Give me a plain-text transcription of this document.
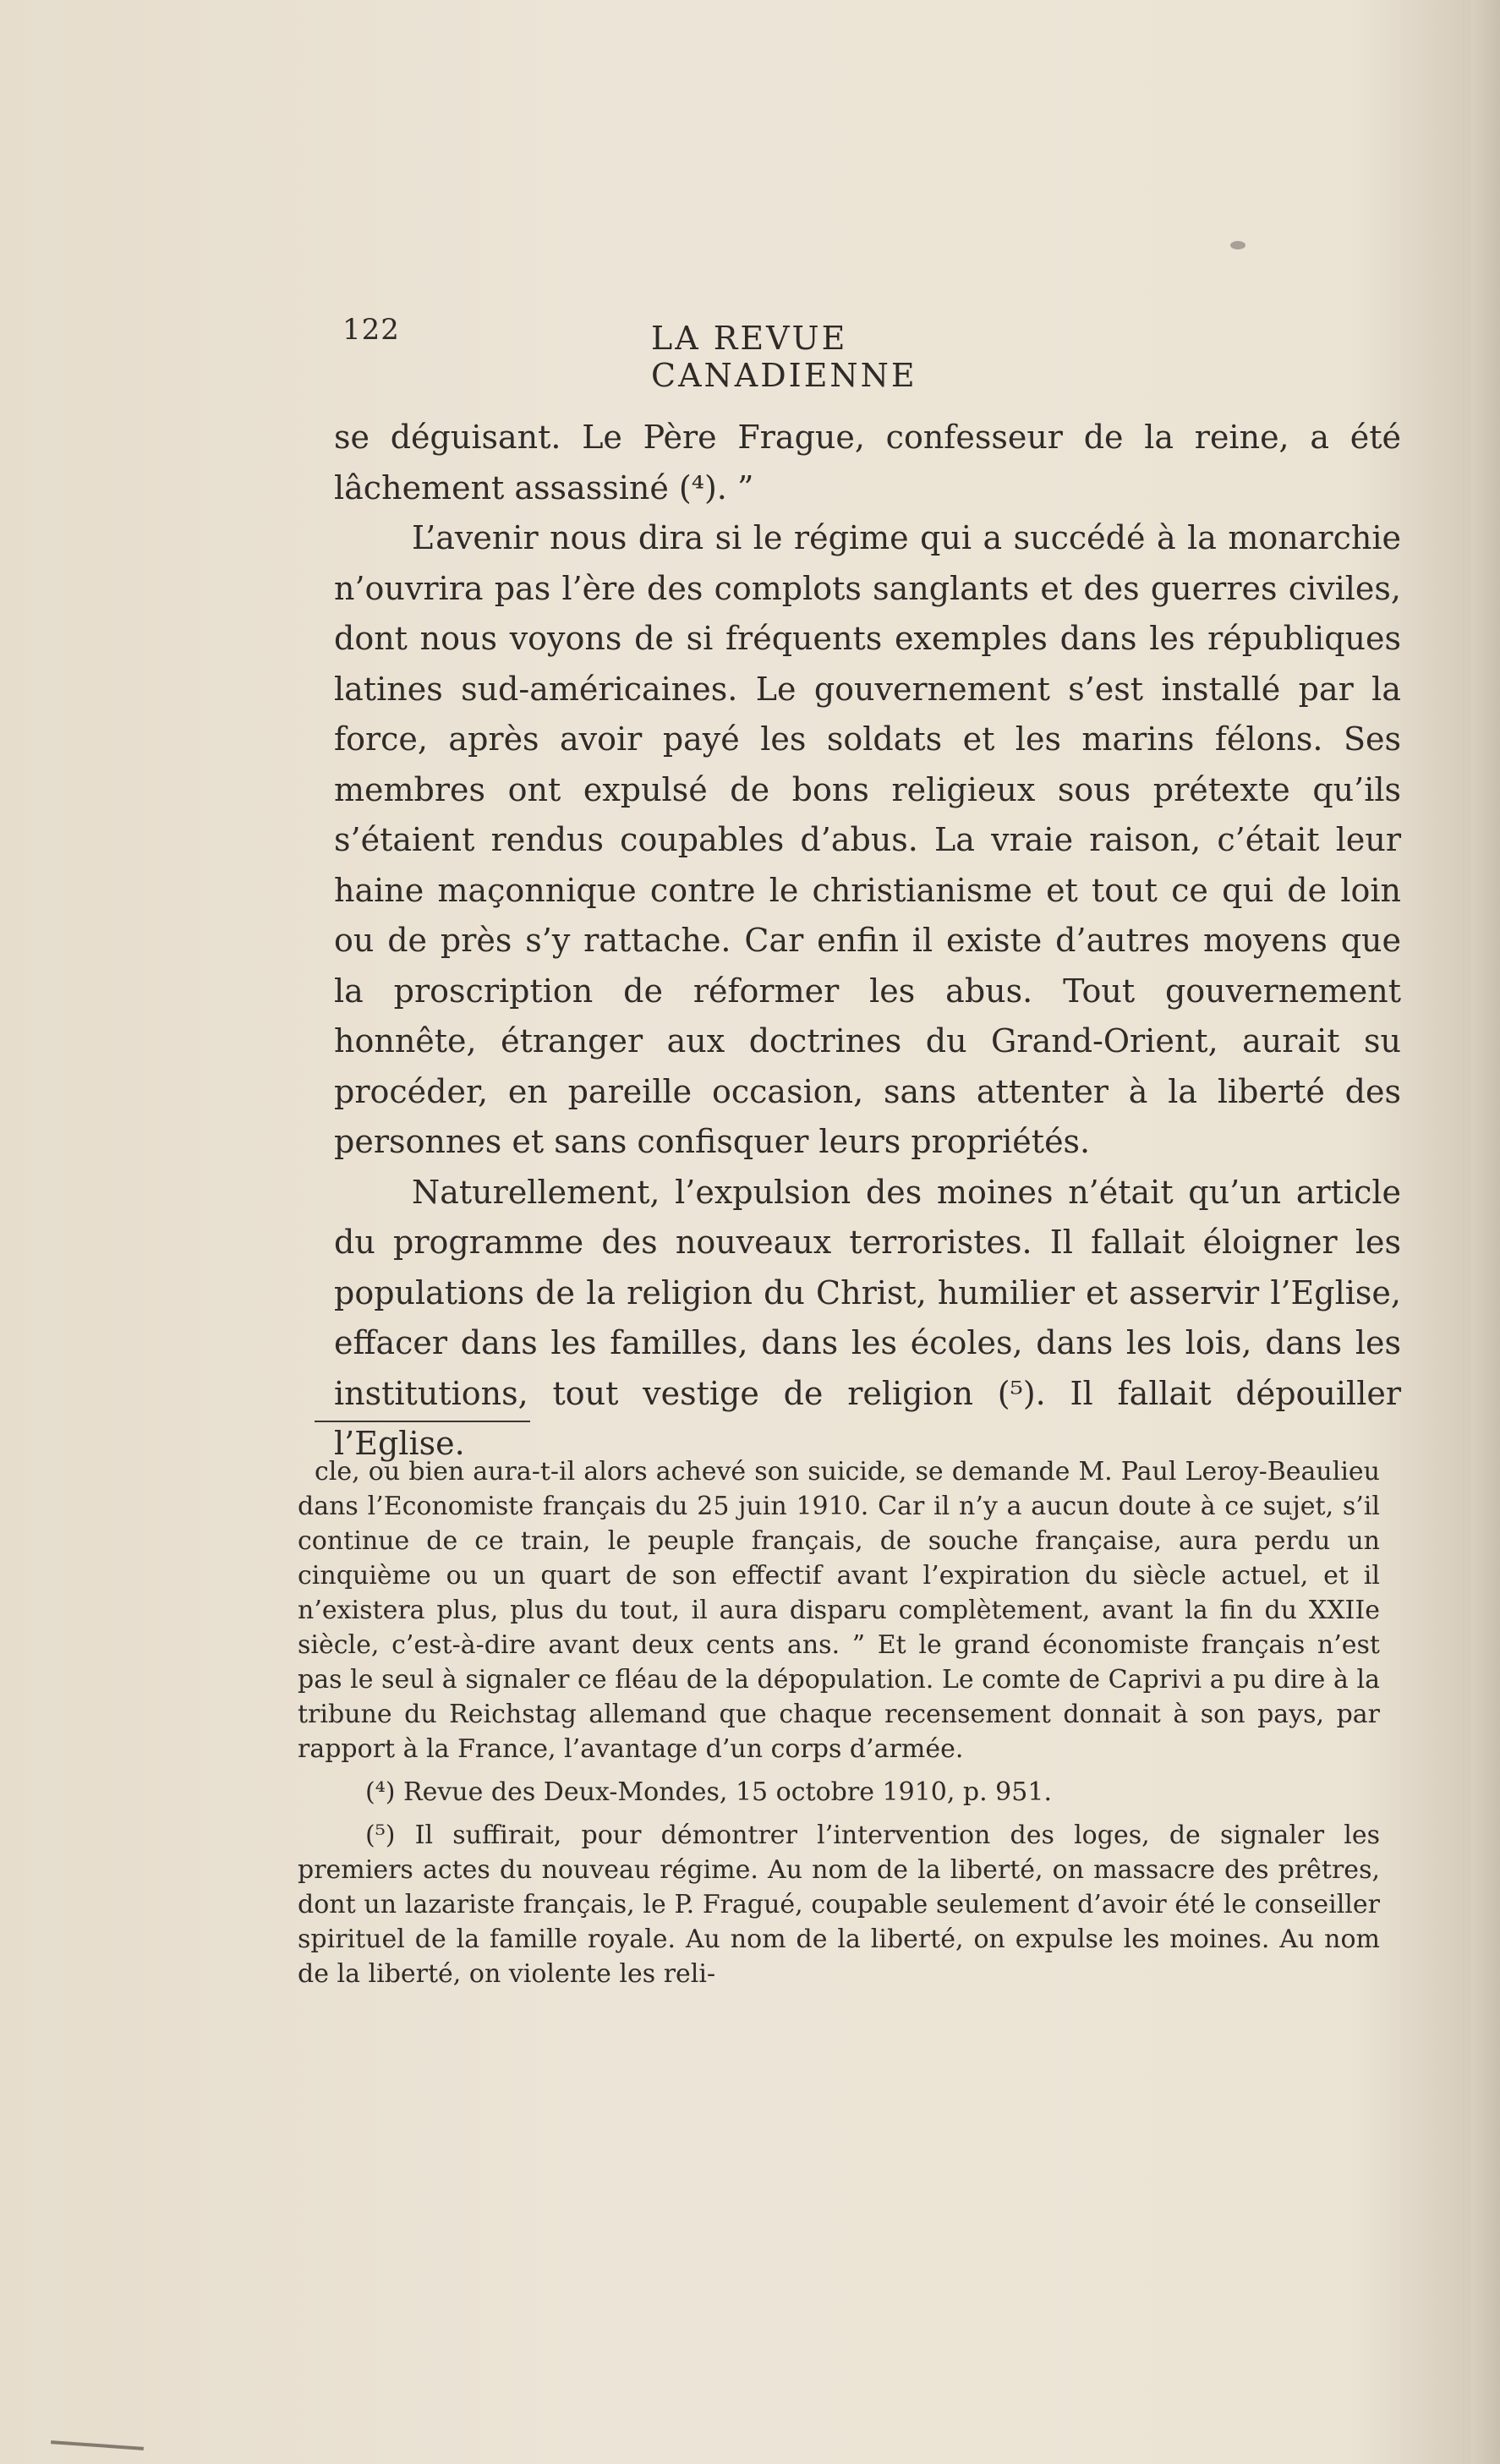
122	LA REVUE CANADIENNE

se déguisant. Le Père Frague, confesseur de la reine, a été lâchement assassiné (⁴). ”

L’avenir nous dira si le régime qui a succédé à la monarchie n’ouvrira pas l’ère des complots sanglants et des guerres civiles, dont nous voyons de si fréquents exemples dans les républiques latines sud-américaines. Le gouvernement s’est installé par la force, après avoir payé les soldats et les marins félons. Ses membres ont expulsé de bons religieux sous prétexte qu’ils s’étaient rendus coupables d’abus. La vraie raison, c’était leur haine maçonnique contre le christianisme et tout ce qui de loin ou de près s’y rattache. Car enfin il existe d’autres moyens que la proscription de réformer les abus. Tout gouvernement honnête, étranger aux doctrines du Grand-Orient, aurait su procéder, en pareille occasion, sans attenter à la liberté des personnes et sans confisquer leurs propriétés.

Naturellement, l’expulsion des moines n’était qu’un article du programme des nouveaux terroristes. Il fallait éloigner les populations de la religion du Christ, humilier et asservir l’Eglise, effacer dans les familles, dans les écoles, dans les lois, dans les institutions, tout vestige de religion (⁵). Il fallait dépouiller l’Eglise.

cle, ou bien aura-t-il alors achevé son suicide, se demande M. Paul Leroy-Beaulieu dans l’Economiste français du 25 juin 1910. Car il n’y a aucun doute à ce sujet, s’il continue de ce train, le peuple français, de souche française, aura perdu un cinquième ou un quart de son effectif avant l’expiration du siècle actuel, et il n’existera plus, plus du tout, il aura disparu complètement, avant la fin du XXIIe siècle, c’est-à-dire avant deux cents ans. ” Et le grand économiste français n’est pas le seul à signaler ce fléau de la dépopulation. Le comte de Caprivi a pu dire à la tribune du Reichstag allemand que chaque recensement donnait à son pays, par rapport à la France, l’avantage d’un corps d’armée.

(⁴) Revue des Deux-Mondes, 15 octobre 1910, p. 951.

(⁵) Il suffirait, pour démontrer l’intervention des loges, de signaler les premiers actes du nouveau régime. Au nom de la liberté, on massacre des prêtres, dont un lazariste français, le P. Fragué, coupable seulement d’avoir été le conseiller spirituel de la famille royale. Au nom de la liberté, on expulse les moines. Au nom de la liberté, on violente les reli-
